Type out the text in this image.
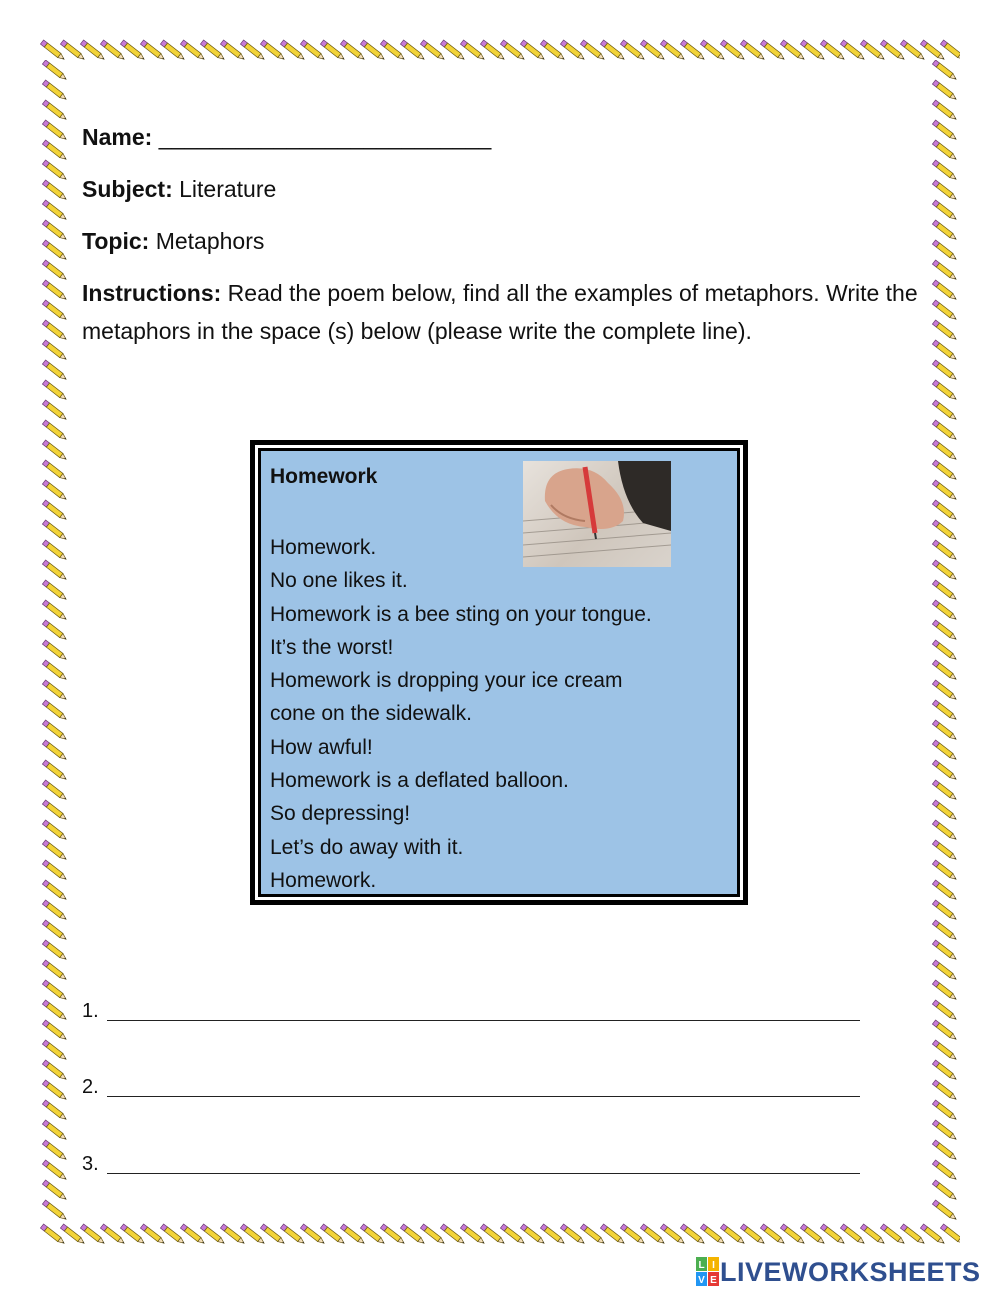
Name: __________________________
Subject: Literature
Topic: Metaphors
Instructions: Read the poem below, find all the examples of metaphors. Write the metaphors in the space (s) below (please write the complete line).
Homework
Homework.
No one likes it.
Homework is a bee sting on your tongue.
It’s the worst!
Homework is dropping your ice cream
cone on the sidewalk.
How awful!
Homework is a deflated balloon.
So depressing!
Let’s do away with it.
Homework.
1.
2.
3.
L I
V E LIVEWORKSHEETS
